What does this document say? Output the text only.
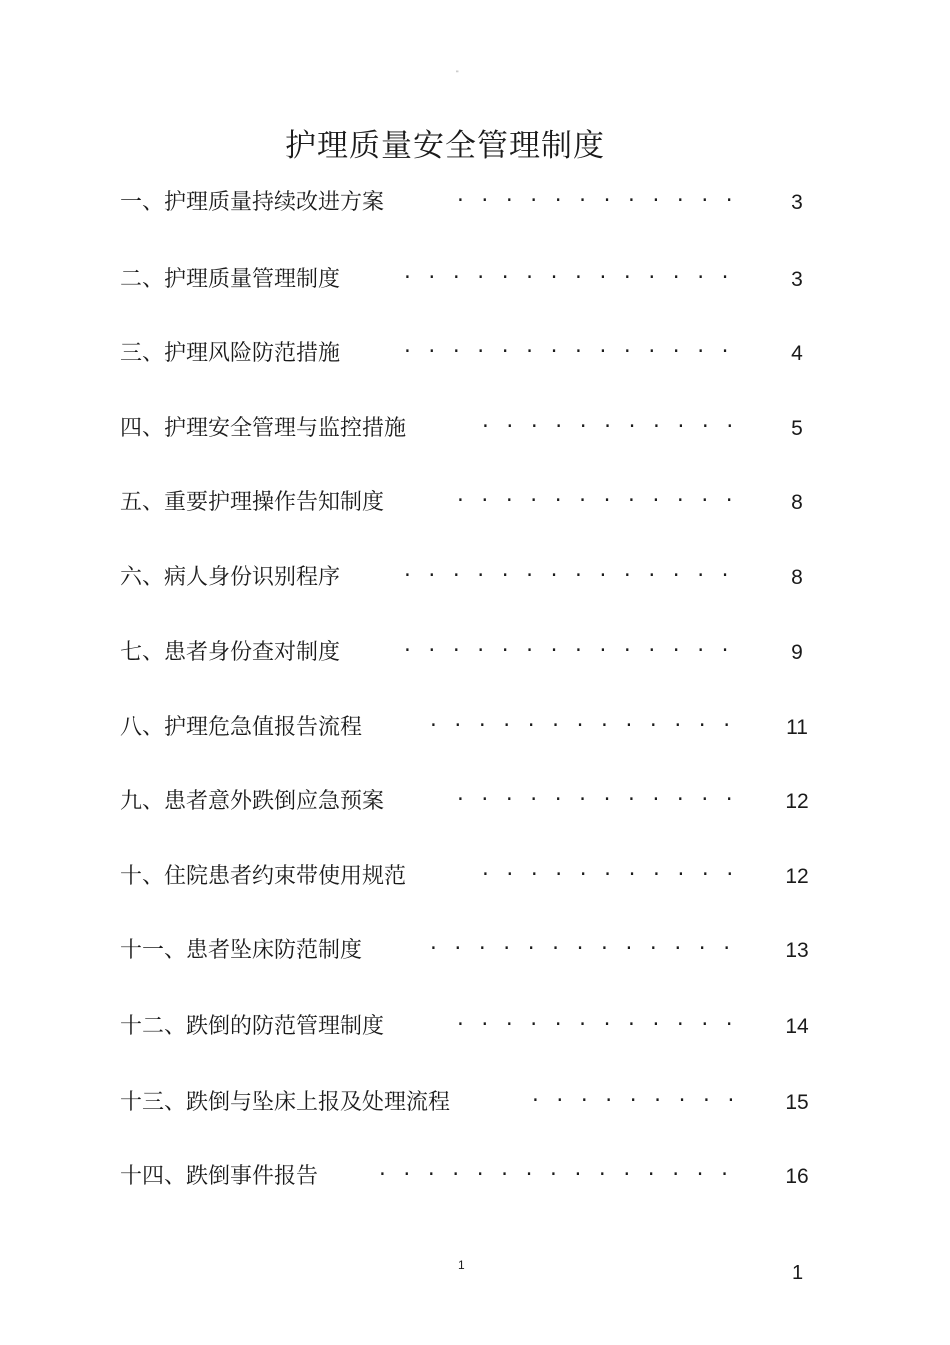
"
护理质量安全管理制度
一、护理质量持续改进方案	············	3
二、护理质量管理制度	··············	3
三、护理风险防范措施	··············	4
四、护理安全管理与监控措施	···········	5
五、重要护理操作告知制度	············	8
六、病人身份识别程序	··············	8
七、患者身份查对制度	··············	9
八、护理危急值报告流程	············· 11
九、患者意外跌倒应急预案	············ 12
十、住院患者约束带使用规范	··········· 12
十一、患者坠床防范制度	············· 13
十二、跌倒的防范管理制度	············ 14
十三、跌倒与坠床上报及处理流程	········· 15
十四、跌倒事件报告	··············· 16
1	1
